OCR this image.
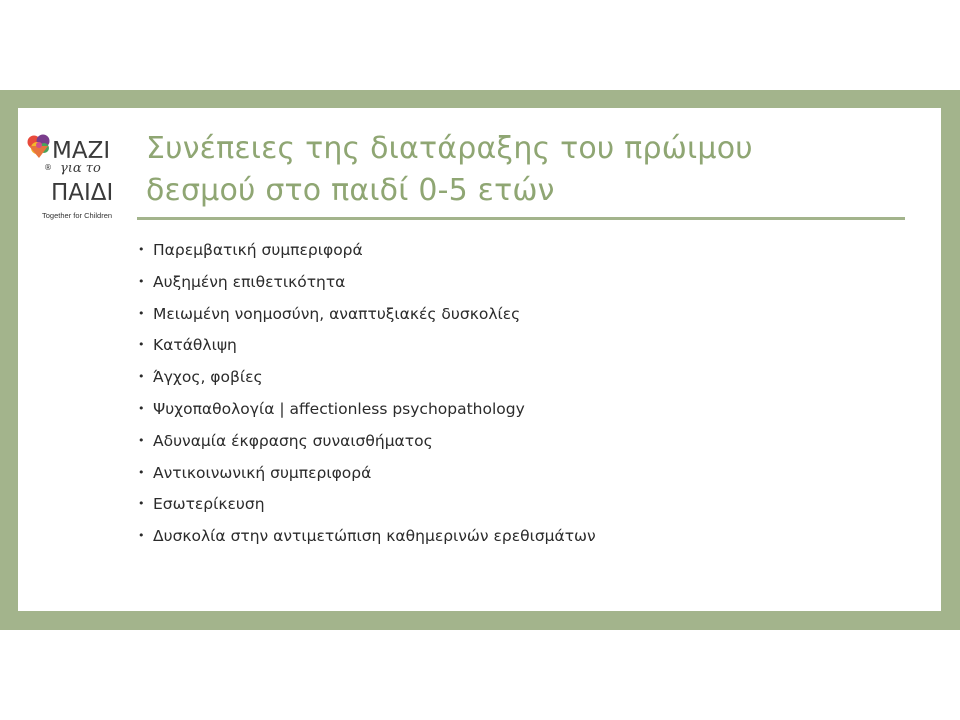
ΜΑΖΙ
® για το
ΠΑΙΔΙ
Together for Children
Συνέπειες της διατάραξης του πρώιμου
δεσμού στο παιδί 0-5 ετών
• Παρεμβατική συμπεριφορά
• Αυξημένη επιθετικότητα
• Μειωμένη νοημοσύνη, αναπτυξιακές δυσκολίες
• Κατάθλιψη
• Άγχος, φοβίες
• Ψυχοπαθολογία | affectionless psychopathology
• Αδυναμία έκφρασης συναισθήματος
• Αντικοινωνική συμπεριφορά
• Εσωτερίκευση
• Δυσκολία στην αντιμετώπιση καθημερινών ερεθισμάτων
